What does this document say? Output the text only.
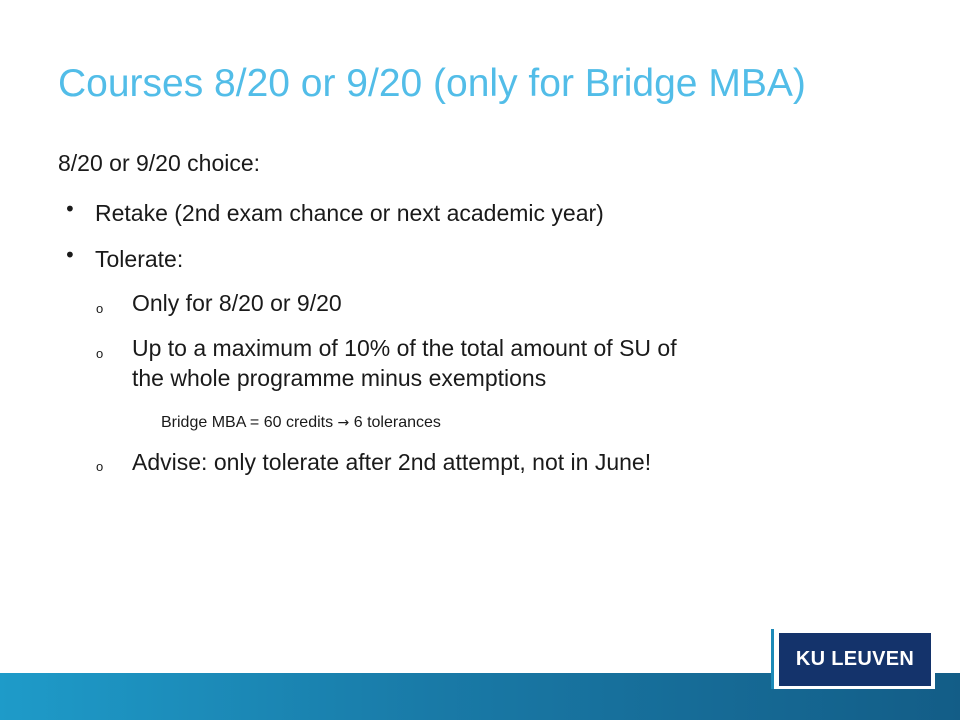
Courses 8/20 or 9/20 (only for Bridge MBA)
8/20 or 9/20 choice:
• Retake (2nd exam chance or next academic year)
• Tolerate:
o Only for 8/20 or 9/20
o Up to a maximum of 10% of the total amount of SU of
the whole programme minus exemptions
Bridge MBA = 60 credits → 6 tolerances
o Advise: only tolerate after 2nd attempt, not in June!
KU LEUVEN
